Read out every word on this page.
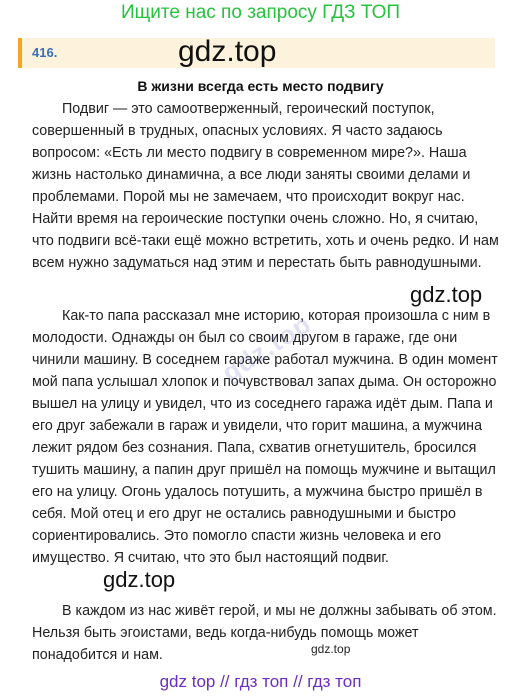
Ищите нас по запросу ГДЗ ТОП
416.	gdz.top
В жизни всегда есть место подвигу

Подвиг — это самоотверженный, героический поступок, совершенный в трудных, опасных условиях. Я часто задаюсь вопросом: «Есть ли место подвигу в современном мире?». Наша жизнь настолько динамична, а все люди заняты своими делами и проблемами. Порой мы не замечаем, что происходит вокруг нас. Найти время на героические поступки очень сложно. Но, я считаю, что подвиги всё-таки ещё можно встретить, хоть и очень редко. И нам всем нужно задуматься над этим и перестать быть равнодушными.

Как-то папа рассказал мне историю, которая произошла с ним в молодости. Однажды он был со своим другом в гараже, где они чинили машину. В соседнем гараже работал мужчина. В один момент мой папа услышал хлопок и почувствовал запах дыма. Он осторожно вышел на улицу и увидел, что из соседнего гаража идёт дым. Папа и его друг забежали в гараж и увидели, что горит машина, а мужчина лежит рядом без сознания. Папа, схватив огнетушитель, бросился тушить машину, а папин друг пришёл на помощь мужчине и вытащил его на улицу. Огонь удалось потушить, а мужчина быстро пришёл в себя. Мой отец и его друг не остались равнодушными и быстро сориентировались. Это помогло спасти жизнь человека и его имущество. Я считаю, что это был настоящий подвиг.

В каждом из нас живёт герой, и мы не должны забывать об этом. Нельзя быть эгоистами, ведь когда-нибудь помощь может понадобится и нам.

gdz.top
gdz.top
gdz.top
gdz.top
gdz top // гдз топ // гдз топ
